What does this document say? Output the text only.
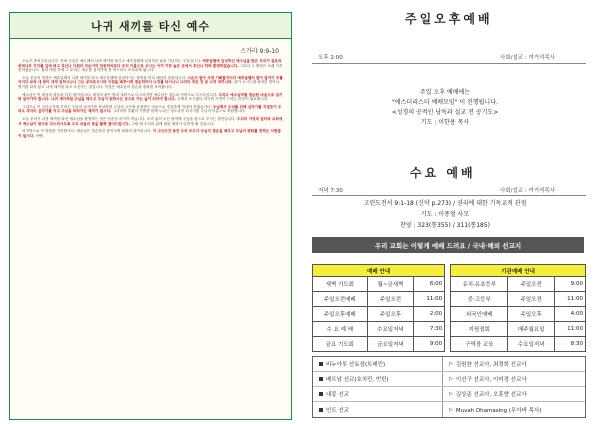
나귀 새끼를 타신 예수
스가랴 9:9-10

오늘은 종려주일입니다. 종려 주일은 예수께서 나귀 새끼를 타시고 예루살렘에 입성하신 날을 기념하는 주일입니다. 예루살렘에 입성하신 예수님을 많은 무리가 겉옷과 종려나무 가지를 길에 펴고 호산나 다윗의 자손이여 찬송하리로다 주의 이름으로 오시는 이여 가장 높은 곳에서 호산나 하며 환영하였습니다. 그러나 그 환영은 오래 가지 못하였습니다. 불과 며칠 후에 그 무리는 예수를 십자가에 못 박으라고 소리치게 됩니다.

오늘 본문의 말씀은 예수님께서 나귀 새끼를 타고 예루살렘에 입성하시는 장면을 미리 예언한 말씀입니다. 시온의 딸아 크게 기뻐할지어다 예루살렘의 딸아 즐거이 부를지어다 보라 네 왕이 네게 임하시나니 그는 공의로우시며 구원을 베푸시며 겸손하여서 나귀를 타시나니 나귀의 작은 것 곧 나귀 새끼니라. 왕이 오시는데 화려한 말이나 병거를 타지 않고 나귀 새끼를 타고 오신다는 것입니다. 이것은 예수님의 겸손과 평화를 보여줍니다.

예수님은 이 세상의 왕들과 다른 왕이십니다. 세상의 왕은 힘과 권력으로 다스리지만 예수님은 겸손과 사랑으로 다스리십니다. 우리도 예수님처럼 겸손한 마음으로 섬기며 살아가야 합니다. 나귀 새끼처럼 주님을 태우고 주님이 원하시는 곳으로 가는 삶이 되어야 합니다. 주께서 쓰시겠다 하시면 기꺼이 드리는 믿음이 필요합니다.

그러므로 이 고난주간에 우리는 주님의 십자가를 묵상하며 주님의 고난에 동참하는 마음으로 경건하게 지내야 하겠습니다. 주님께서 우리를 위해 십자가를 지셨듯이 우리도 각자의 십자가를 지고 주님을 따라가는 제자가 됩시다. 그리하여 부활의 기쁨을 함께 누리는 성도들이 되시기를 주님의 이름으로 축원합니다.

오늘 우리가 나귀 새끼를 타신 예수님을 환영하는 것은 단순한 의식이 아닙니다. 우리 삶의 모든 영역에 주님을 왕으로 모시는 결단입니다. 우리의 가정과 일터와 교회에서 예수님이 왕으로 다스리시도록 우리 마음의 문을 활짝 열어드립시다. 그럴 때 우리의 삶에 참된 평화가 임하게 될 것입니다.

마지막으로 이 말씀을 기억합시다. 예수님은 겸손하신 왕이시며 평화의 왕이십니다. 이 고난주간 동안 우리 모두가 주님의 겸손을 배우고 주님의 평화를 전하는 사람들이 됩시다. 아멘.

주일오후예배
오후 2:00	사회/설교 : 여거석목사
주일 오후 예배에는
"에스더리스더 예배모임" 이 진행됩니다.
<성경의 공적인 낭독과 설교 전 공기도>
기도 : 이한용 목사
수요 예배
저녁 7:30	사회/설교 : 여거석목사
고린도전서 9:1-18 (신약 p.273) / 권리에 대한 기독교적 관점
기도 : 이종철 사모
찬양 : 323(통355) / 311(통185)
우리 교회는 이렇게 예배 드려요 / 국내·해외 선교지
예배 안내				기관예배 안내		
새벽 기도회	월~금새벽	6:00		유치·유초등부	주일오전	9:00
주일오전예배	주일오전	11:00		중·고등부	주일오전	11:00
주일오후예배	주일오후	2:00		외국인예배	주일오후	4:00
수 요 예 배	수요일저녁	7:30		지원점회	매주월요일	11:00
금요 기도회	금요일저녁	9:00		구역장 교육	수요일저녁	8:30
비누아투 산토섬(트레민)	▷ 김원찬 선교사, 최경희 선교사
베트남 선교(호치민, 빈틴)	▷ 이선구 선교사, 이미경 선교사
내몽 선교	▷ 김상준 선교사, 오흥향 선교사
인도 선교	▷ Muvah Dhamasing (무아바 목사)
